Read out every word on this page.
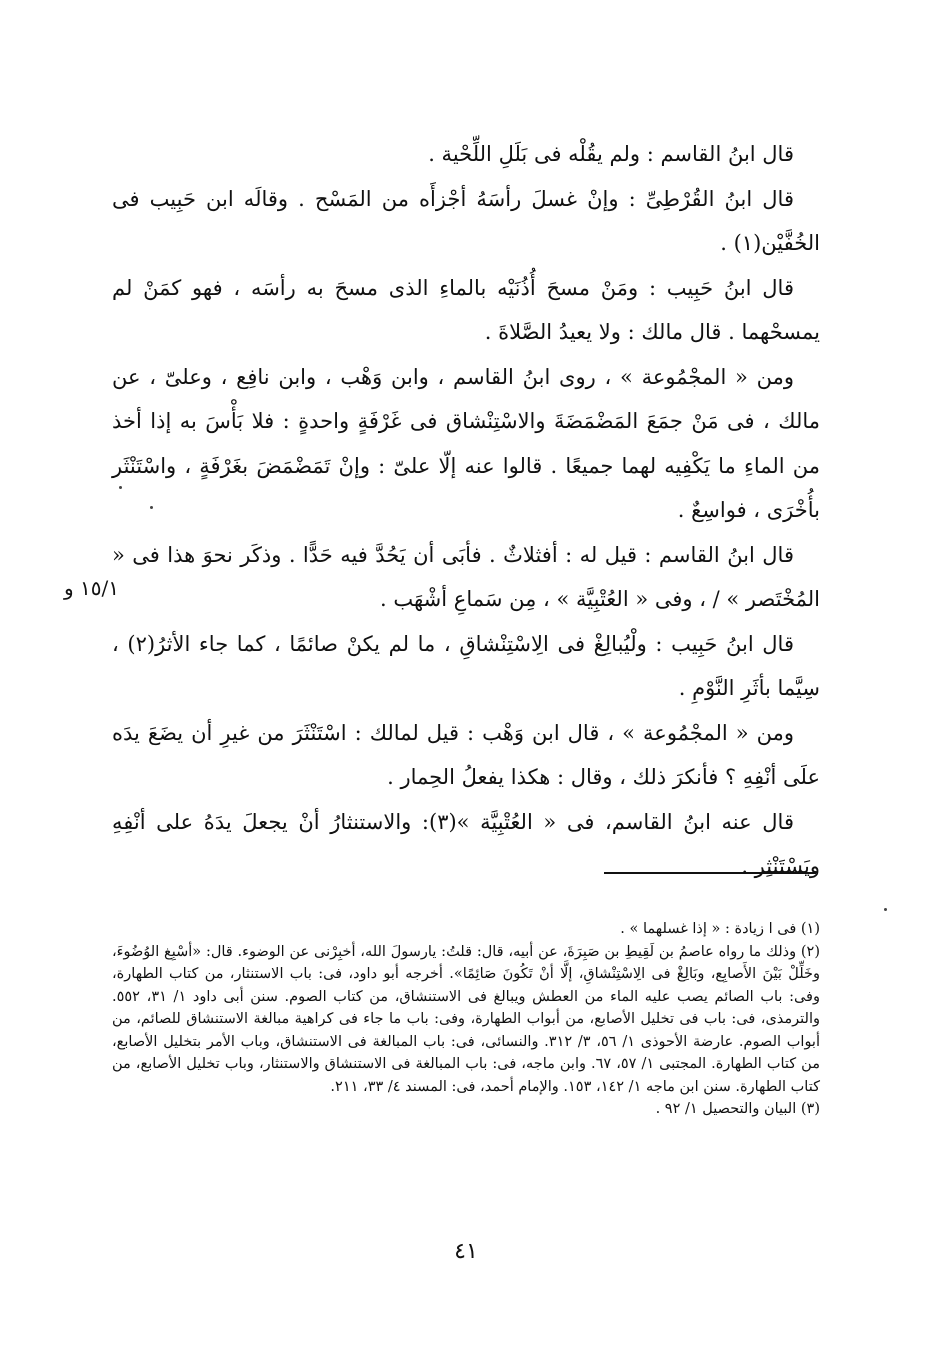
قال ابنُ القاسم : ولم يقُلْه فى بَلَلِ اللِّحْية .

قال ابنُ القُرْطِىِّ : وإنْ غسلَ رأسَهُ أجْزأَه من المَسْح . وقالَه ابن حَبِيب فى الخُفَّيْن(١) .

قال ابنُ حَبِيب : ومَنْ مسحَ أُذُنَيْه بالماءِ الذى مسحَ به رأسَه ، فهو كمَنْ لم يمسحْهما . قال مالك : ولا يعيدُ الصَّلاةَ .

ومن « المجْمُوعة » ، روى ابنُ القاسم ، وابن وَهْب ، وابن نافِع ، وعلىّ ، عن مالك ، فى مَنْ جمَعَ المَضْمَضَةَ والاسْتِنْشاق فى غَرْفَةٍ واحدةٍ : فلا بَأْسَ به إذا أخذ من الماءِ ما يَكْفِيه لهما جميعًا . قالوا عنه إلّا علىّ : وإنْ تَمَضْمَضَ بغَرْفَةٍ ، واسْتَنْثَر بأُخْرَى ، فواسِعٌ .

قال ابنُ القاسم : قيل له : أفثلاثٌ . فأبَى أن يَحُدَّ فيه حَدًّا . وذكَر نحوَ هذا فى « المُخْتَصر » / ، وفى « العُتْبِيَّة » ، مِن سَماعِ أشْهَب .

قال ابنُ حَبِيب : ولْيُبالِغْ فى الِاسْتِنْشاقِ ، ما لم يكنْ صائمًا ، كما جاء الأثرُ(٢) ، سِيَّما بأثَرِ النَّوْمِ .

ومن « المجْمُوعة » ، قال ابن وَهْب : قيل لمالك : اسْتَنْثَرَ من غيرِ أن يضَعَ يدَه علَى أنْفِهِ ؟ فأنكرَ ذلك ، وقال : هكذا يفعلُ الحِمار .

قال عنه ابنُ القاسم، فى « العُتْبِيَّة »(٣): والاستنثارُ أنْ يجعلَ يدَهُ على أنْفِهِ ويَسْتَنْثِر .

١٥/١ و

(١) فى ا زيادة : « إذا غسلهما » .

(٢) وذلك ما رواه عاصمُ بن لَقِيطِ بن صَبِرَةَ، عن أبيه، قال: قلتُ: يارسولَ الله، أخبِرْنى عن الوضوء. قال: «أسْبِغ الوُضُوءَ، وخَلِّلْ بَيْنَ الأَصابِع، وبَالِغْ فى الِاسْتِنْشاقِ، إلَّا أنْ تَكُونَ صَائِمًا». أخرجه أبو داود، فى: باب الاستنثار، من كتاب الطهارة، وفى: باب الصائم يصب عليه الماء من العطش ويبالغ فى الاستنشاق، من كتاب الصوم. سنن أبى داود ١/ ٣١، ٥٥٢. والترمذى، فى: باب فى تخليل الأصابع، من أبواب الطهارة، وفى: باب ما جاء فى كراهية مبالغة الاستنشاق للصائم، من أبواب الصوم. عارضة الأحوذى ١/ ٥٦، ٣/ ٣١٢. والنسائى، فى: باب المبالغة فى الاستنشاق، وباب الأمر بتخليل الأصابع، من كتاب الطهارة. المجتبى ١/ ٥٧، ٦٧. وابن ماجه، فى: باب المبالغة فى الاستنشاق والاستنثار، وباب تخليل الأصابع، من كتاب الطهارة. سنن ابن ماجه ١/ ١٤٢، ١٥٣. والإمام أحمد، فى: المسند ٤/ ٣٣، ٢١١.

(٣) البيان والتحصيل ١/ ٩٢ .

٤١
